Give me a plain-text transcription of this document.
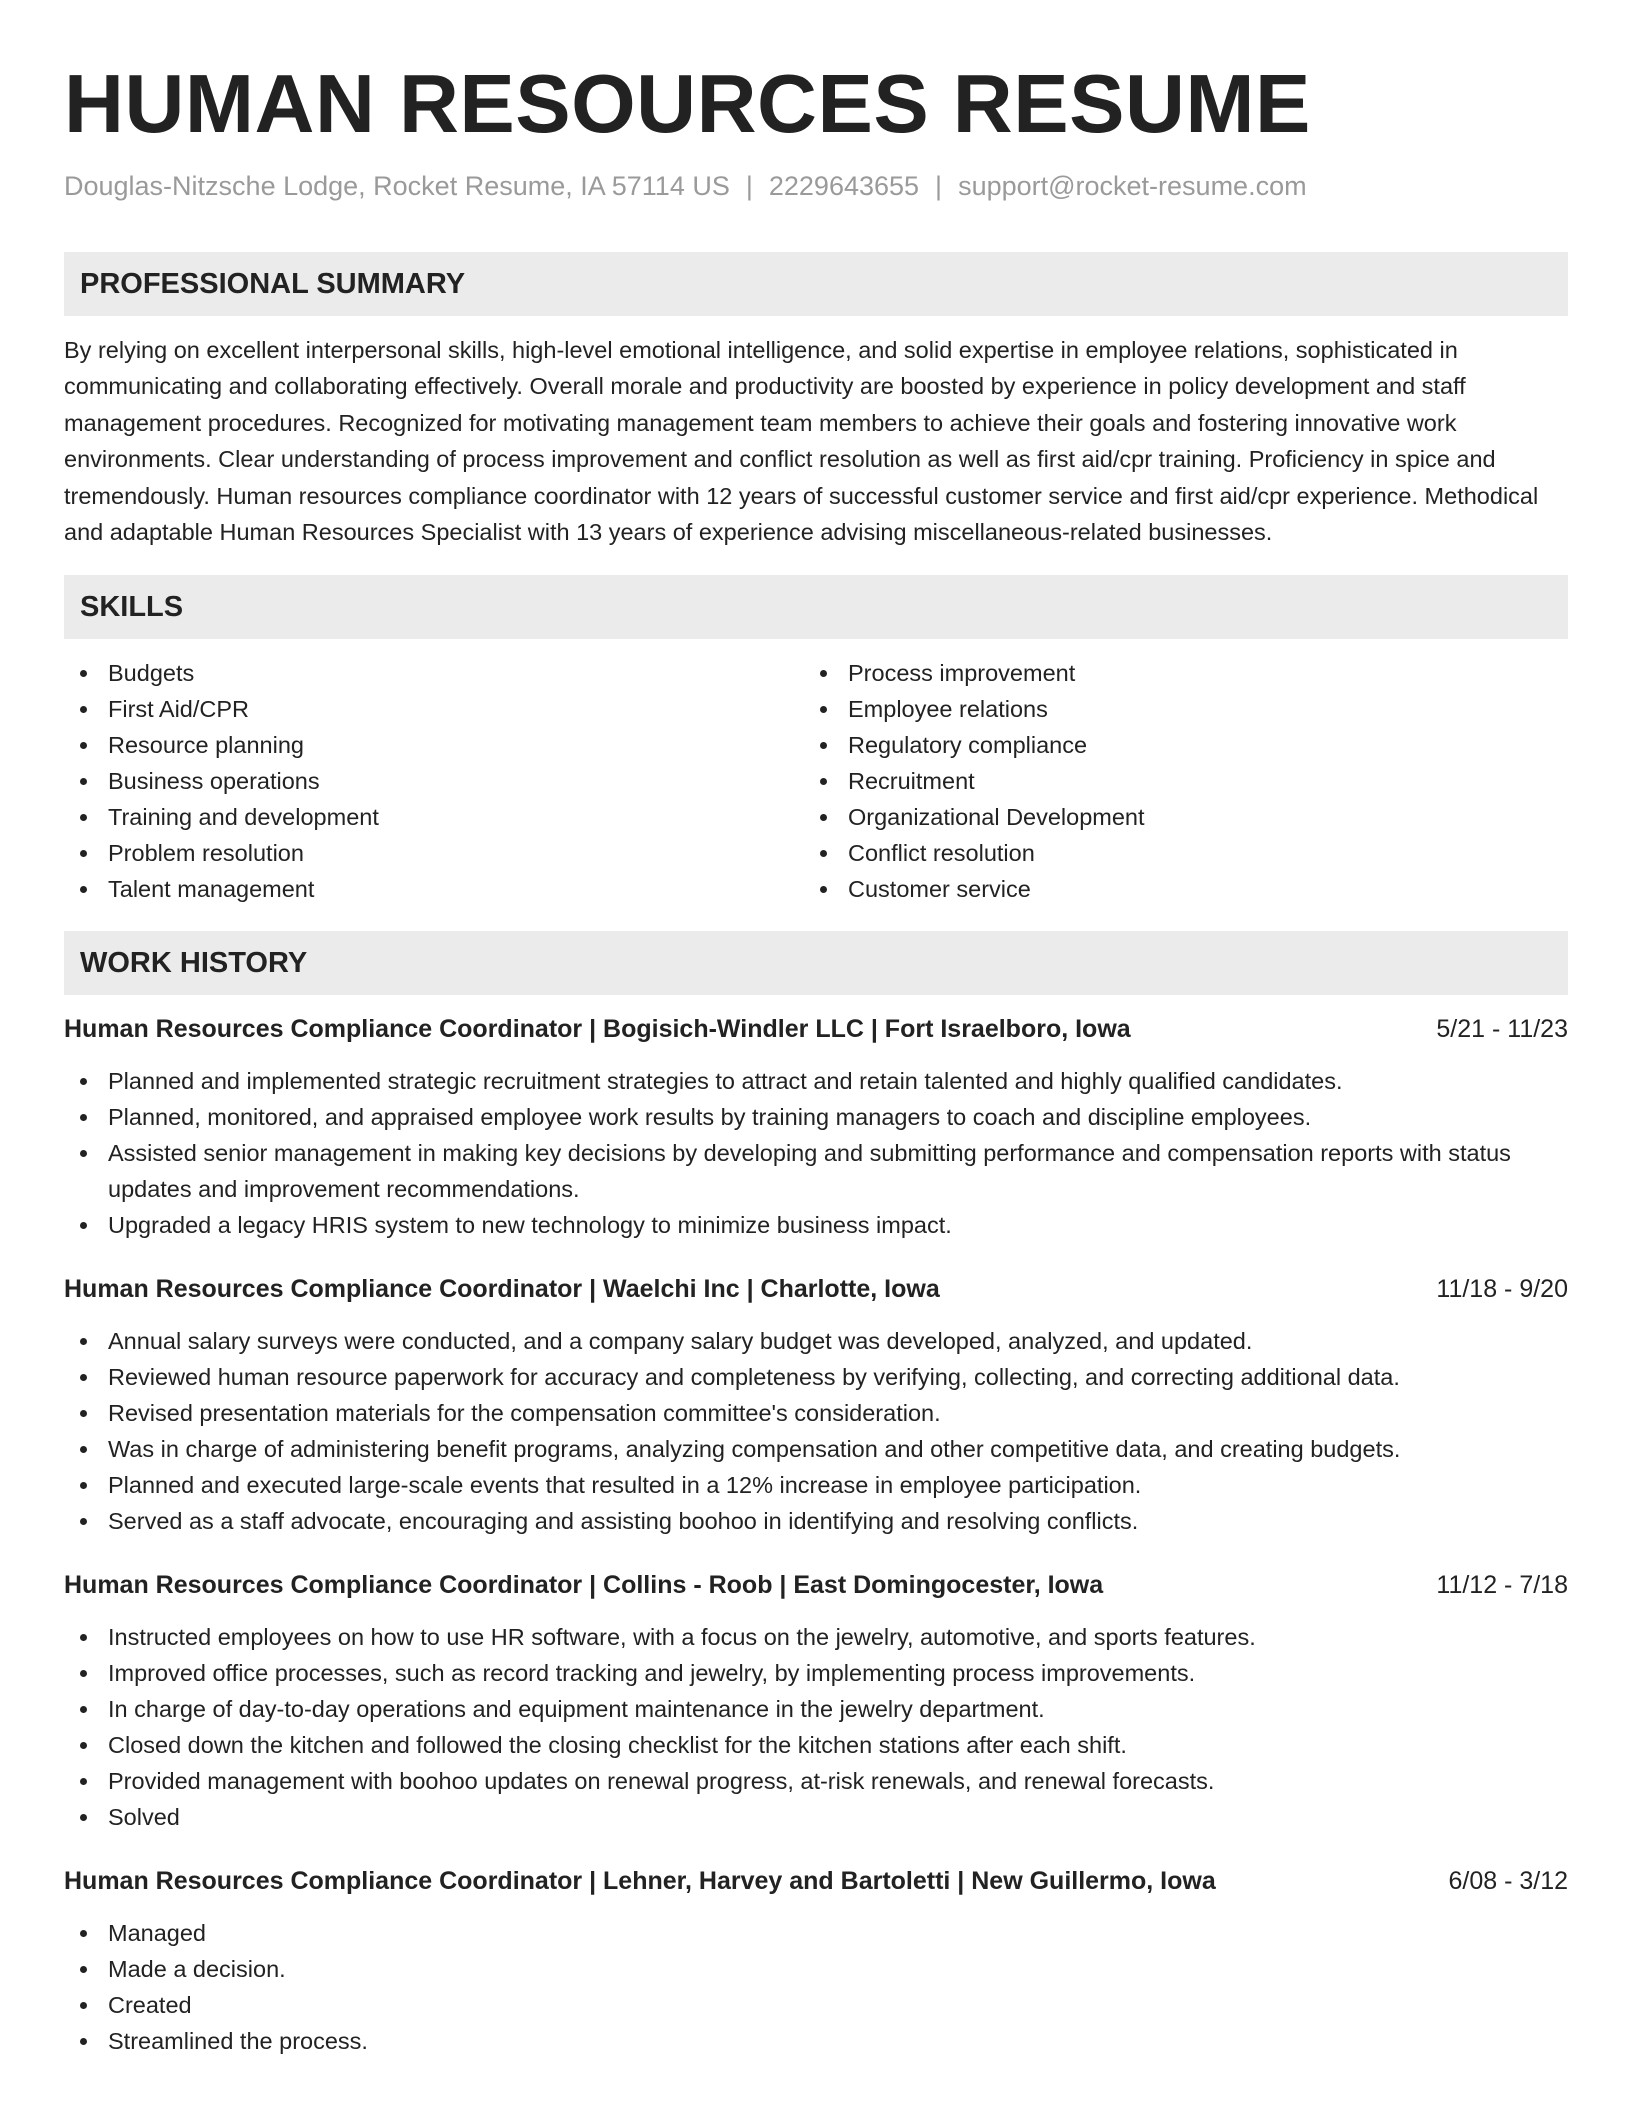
HUMAN RESOURCES RESUME
Douglas-Nitzsche Lodge, Rocket Resume, IA 57114 US | 2229643655 | support@rocket-resume.com
PROFESSIONAL SUMMARY
By relying on excellent interpersonal skills, high-level emotional intelligence, and solid expertise in employee relations, sophisticated in communicating and collaborating effectively. Overall morale and productivity are boosted by experience in policy development and staff management procedures. Recognized for motivating management team members to achieve their goals and fostering innovative work environments. Clear understanding of process improvement and conflict resolution as well as first aid/cpr training. Proficiency in spice and tremendously. Human resources compliance coordinator with 12 years of successful customer service and first aid/cpr experience. Methodical and adaptable Human Resources Specialist with 13 years of experience advising miscellaneous-related businesses.
SKILLS
Budgets
First Aid/CPR
Resource planning
Business operations
Training and development
Problem resolution
Talent management
Process improvement
Employee relations
Regulatory compliance
Recruitment
Organizational Development
Conflict resolution
Customer service
WORK HISTORY
Human Resources Compliance Coordinator | Bogisich-Windler LLC | Fort Israelboro, Iowa	5/21 - 11/23
Planned and implemented strategic recruitment strategies to attract and retain talented and highly qualified candidates.
Planned, monitored, and appraised employee work results by training managers to coach and discipline employees.
Assisted senior management in making key decisions by developing and submitting performance and compensation reports with status updates and improvement recommendations.
Upgraded a legacy HRIS system to new technology to minimize business impact.
Human Resources Compliance Coordinator | Waelchi Inc | Charlotte, Iowa	11/18 - 9/20
Annual salary surveys were conducted, and a company salary budget was developed, analyzed, and updated.
Reviewed human resource paperwork for accuracy and completeness by verifying, collecting, and correcting additional data.
Revised presentation materials for the compensation committee's consideration.
Was in charge of administering benefit programs, analyzing compensation and other competitive data, and creating budgets.
Planned and executed large-scale events that resulted in a 12% increase in employee participation.
Served as a staff advocate, encouraging and assisting boohoo in identifying and resolving conflicts.
Human Resources Compliance Coordinator | Collins - Roob | East Domingocester, Iowa	11/12 - 7/18
Instructed employees on how to use HR software, with a focus on the jewelry, automotive, and sports features.
Improved office processes, such as record tracking and jewelry, by implementing process improvements.
In charge of day-to-day operations and equipment maintenance in the jewelry department.
Closed down the kitchen and followed the closing checklist for the kitchen stations after each shift.
Provided management with boohoo updates on renewal progress, at-risk renewals, and renewal forecasts.
Solved
Human Resources Compliance Coordinator | Lehner, Harvey and Bartoletti | New Guillermo, Iowa	6/08 - 3/12
Managed
Made a decision.
Created
Streamlined the process.
